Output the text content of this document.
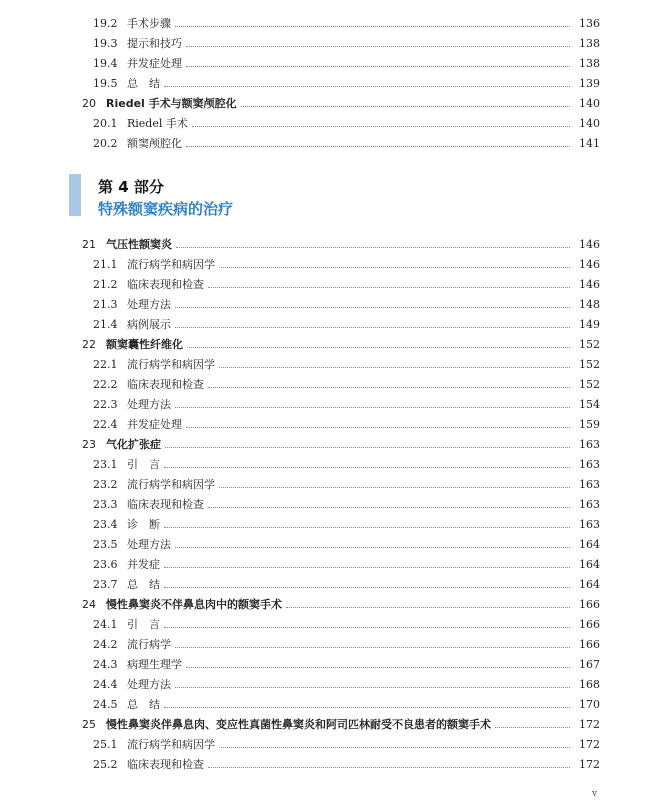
19.2 手术步骤	136
19.3 提示和技巧	138
19.4 并发症处理	138
19.5 总　结	139
20 Riedel 手术与额窦颅腔化	140
20.1 Riedel 手术	140
20.2 额窦颅腔化	141
第 4 部分
特殊额窦疾病的治疗
21 气压性额窦炎	146
21.1 流行病学和病因学	146
21.2 临床表现和检查	146
21.3 处理方法	148
21.4 病例展示	149
22 额窦囊性纤维化	152
22.1 流行病学和病因学	152
22.2 临床表现和检查	152
22.3 处理方法	154
22.4 并发症处理	159
23 气化扩张症	163
23.1 引　言	163
23.2 流行病学和病因学	163
23.3 临床表现和检查	163
23.4 诊　断	163
23.5 处理方法	164
23.6 并发症	164
23.7 总　结	164
24 慢性鼻窦炎不伴鼻息肉中的额窦手术	166
24.1 引　言	166
24.2 流行病学	166
24.3 病理生理学	167
24.4 处理方法	168
24.5 总　结	170
25 慢性鼻窦炎伴鼻息肉、变应性真菌性鼻窦炎和阿司匹林耐受不良患者的额窦手术	172
25.1 流行病学和病因学	172
25.2 临床表现和检查	172
v
